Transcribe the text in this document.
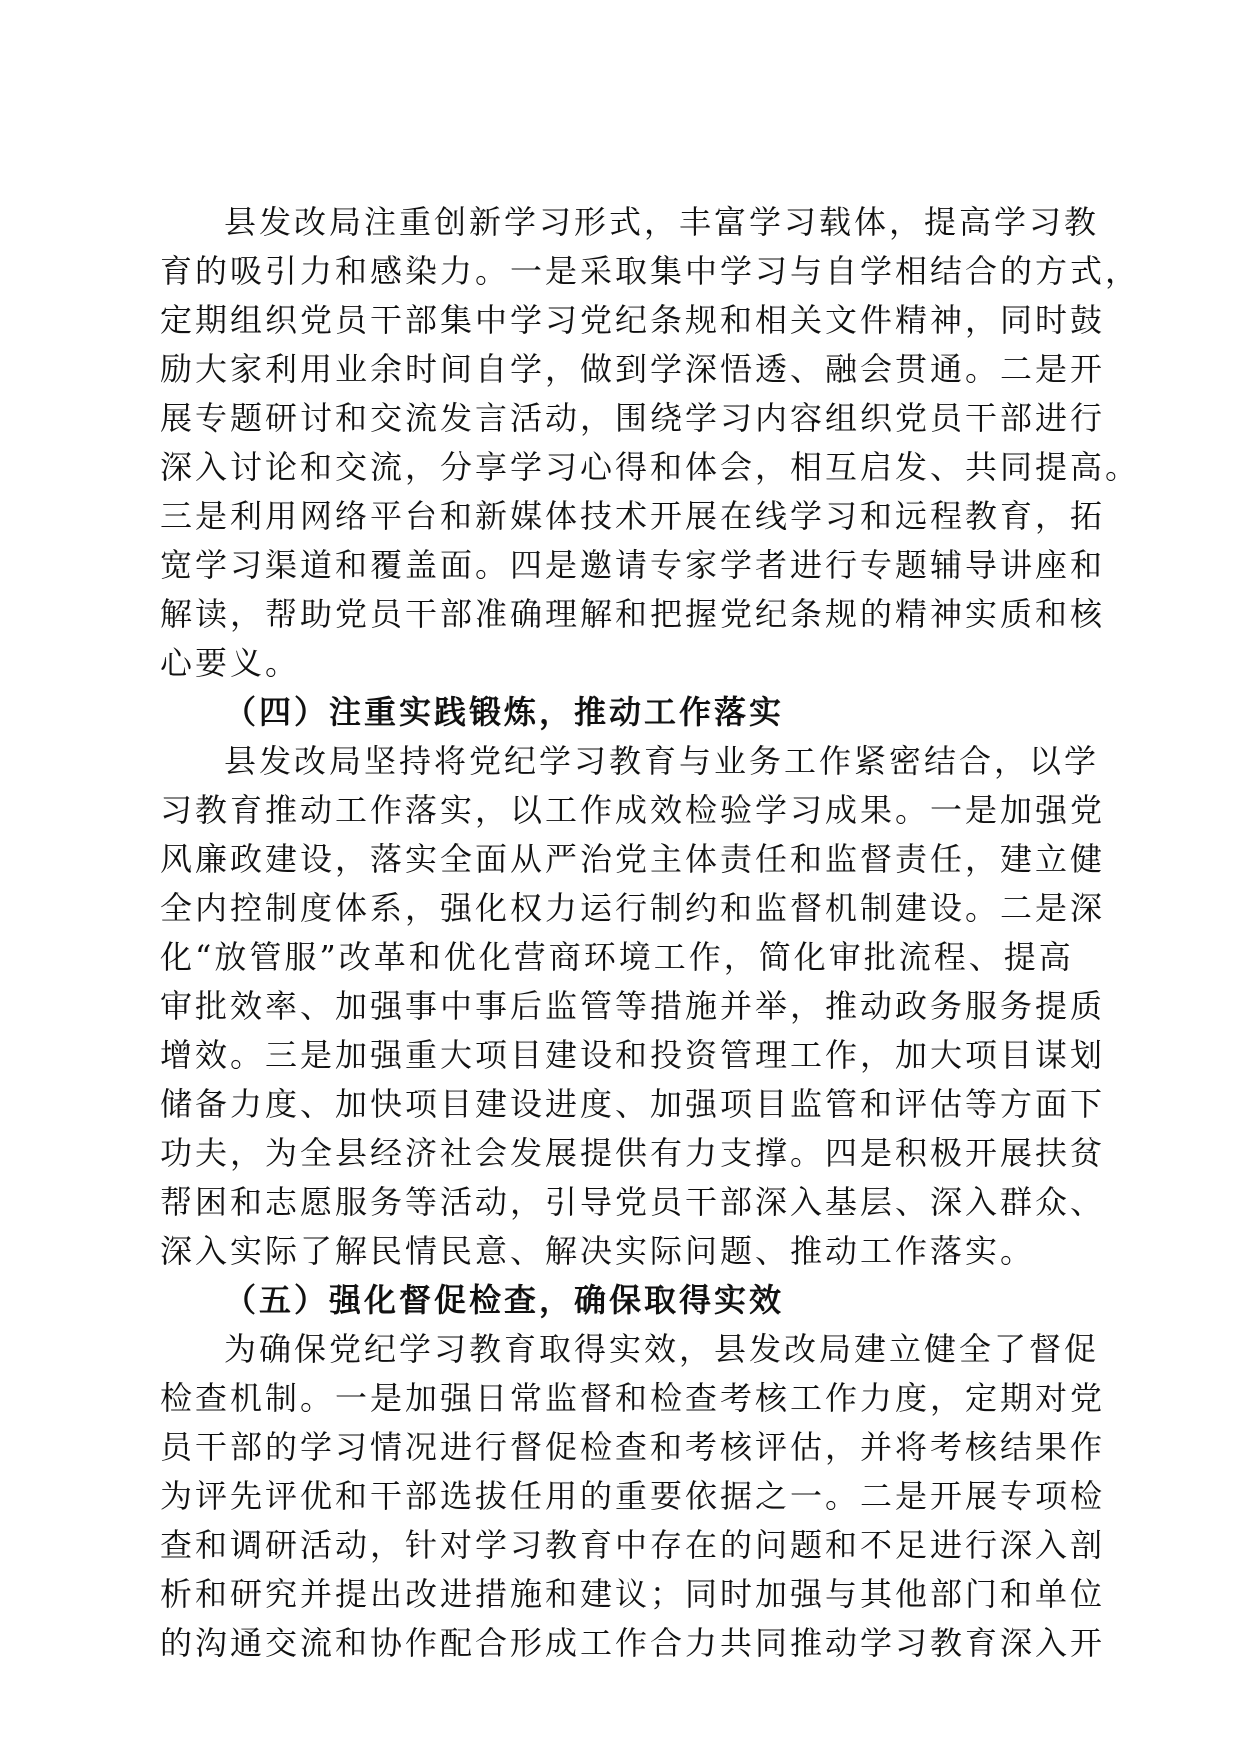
县发改局注重创新学习形式，丰富学习载体，提高学习教
育的吸引力和感染力。一是采取集中学习与自学相结合的方式，
定期组织党员干部集中学习党纪条规和相关文件精神，同时鼓
励大家利用业余时间自学，做到学深悟透、融会贯通。二是开
展专题研讨和交流发言活动，围绕学习内容组织党员干部进行
深入讨论和交流，分享学习心得和体会，相互启发、共同提高。
三是利用网络平台和新媒体技术开展在线学习和远程教育，拓
宽学习渠道和覆盖面。四是邀请专家学者进行专题辅导讲座和
解读，帮助党员干部准确理解和把握党纪条规的精神实质和核
心要义。
（四）注重实践锻炼，推动工作落实
县发改局坚持将党纪学习教育与业务工作紧密结合，以学
习教育推动工作落实，以工作成效检验学习成果。一是加强党
风廉政建设，落实全面从严治党主体责任和监督责任，建立健
全内控制度体系，强化权力运行制约和监督机制建设。二是深
化“放管服”改革和优化营商环境工作，简化审批流程、提高
审批效率、加强事中事后监管等措施并举，推动政务服务提质
增效。三是加强重大项目建设和投资管理工作，加大项目谋划
储备力度、加快项目建设进度、加强项目监管和评估等方面下
功夫，为全县经济社会发展提供有力支撑。四是积极开展扶贫
帮困和志愿服务等活动，引导党员干部深入基层、深入群众、
深入实际了解民情民意、解决实际问题、推动工作落实。
（五）强化督促检查，确保取得实效
为确保党纪学习教育取得实效，县发改局建立健全了督促
检查机制。一是加强日常监督和检查考核工作力度，定期对党
员干部的学习情况进行督促检查和考核评估，并将考核结果作
为评先评优和干部选拔任用的重要依据之一。二是开展专项检
查和调研活动，针对学习教育中存在的问题和不足进行深入剖
析和研究并提出改进措施和建议；同时加强与其他部门和单位
的沟通交流和协作配合形成工作合力共同推动学习教育深入开
